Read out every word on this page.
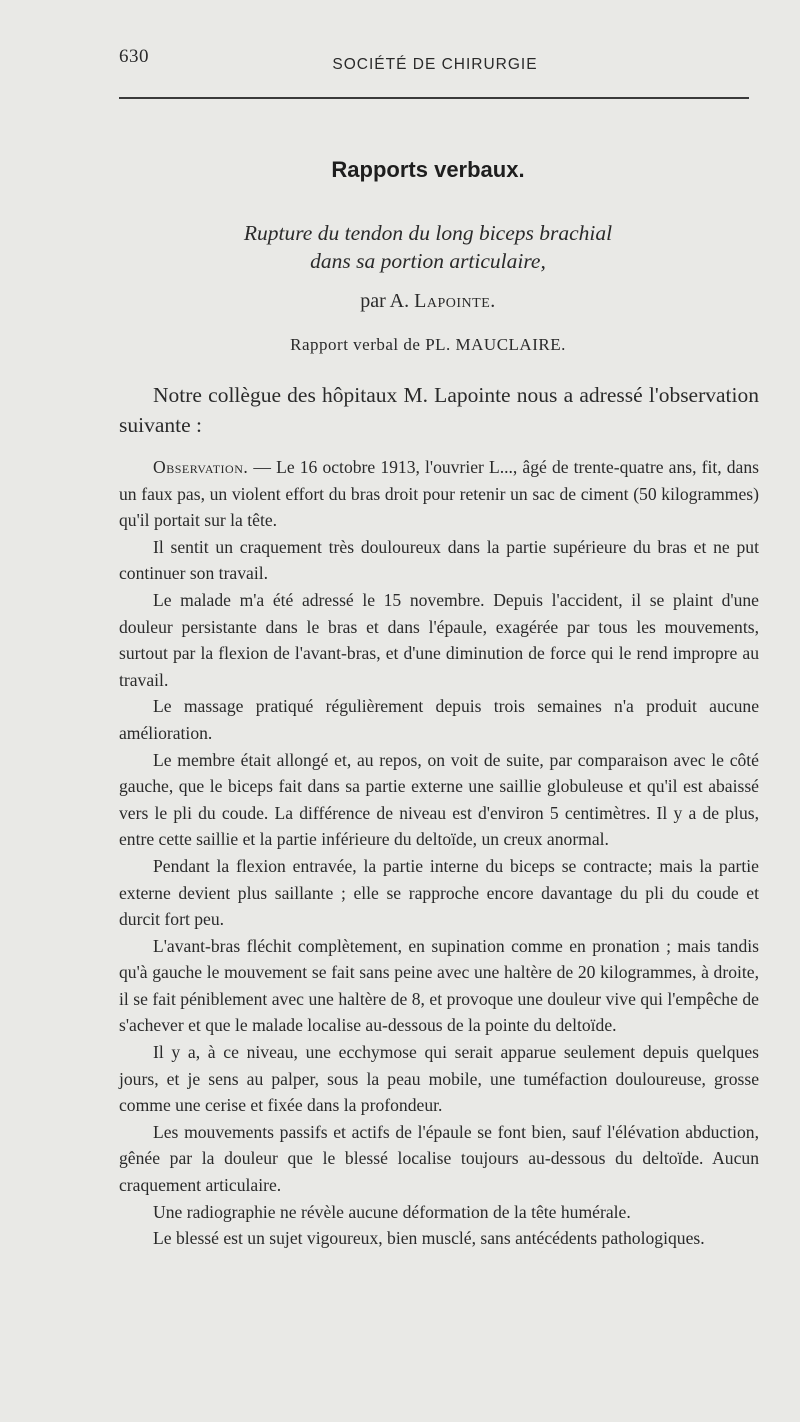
630	SOCIÉTÉ DE CHIRURGIE
Rapports verbaux.
Rupture du tendon du long biceps brachial
dans sa portion articulaire,
par A. Lapointe.
Rapport verbal de PL. MAUCLAIRE.

Notre collègue des hôpitaux M. Lapointe nous a adressé l'observation suivante :

Observation. — Le 16 octobre 1913, l'ouvrier L..., âgé de trente-quatre ans, fit, dans un faux pas, un violent effort du bras droit pour retenir un sac de ciment (50 kilogrammes) qu'il portait sur la tête.

Il sentit un craquement très douloureux dans la partie supérieure du bras et ne put continuer son travail.

Le malade m'a été adressé le 15 novembre. Depuis l'accident, il se plaint d'une douleur persistante dans le bras et dans l'épaule, exagérée par tous les mouvements, surtout par la flexion de l'avant-bras, et d'une diminution de force qui le rend impropre au travail.

Le massage pratiqué régulièrement depuis trois semaines n'a produit aucune amélioration.

Le membre était allongé et, au repos, on voit de suite, par comparaison avec le côté gauche, que le biceps fait dans sa partie externe une saillie globuleuse et qu'il est abaissé vers le pli du coude. La différence de niveau est d'environ 5 centimètres. Il y a de plus, entre cette saillie et la partie inférieure du deltoïde, un creux anormal.

Pendant la flexion entravée, la partie interne du biceps se contracte; mais la partie externe devient plus saillante ; elle se rapproche encore davantage du pli du coude et durcit fort peu.

L'avant-bras fléchit complètement, en supination comme en pronation ; mais tandis qu'à gauche le mouvement se fait sans peine avec une haltère de 20 kilogrammes, à droite, il se fait péniblement avec une haltère de 8, et provoque une douleur vive qui l'empêche de s'achever et que le malade localise au-dessous de la pointe du deltoïde.

Il y a, à ce niveau, une ecchymose qui serait apparue seulement depuis quelques jours, et je sens au palper, sous la peau mobile, une tuméfaction douloureuse, grosse comme une cerise et fixée dans la profondeur.

Les mouvements passifs et actifs de l'épaule se font bien, sauf l'élévation abduction, gênée par la douleur que le blessé localise toujours au-dessous du deltoïde. Aucun craquement articulaire.

Une radiographie ne révèle aucune déformation de la tête humérale.

Le blessé est un sujet vigoureux, bien musclé, sans antécédents pathologiques.
